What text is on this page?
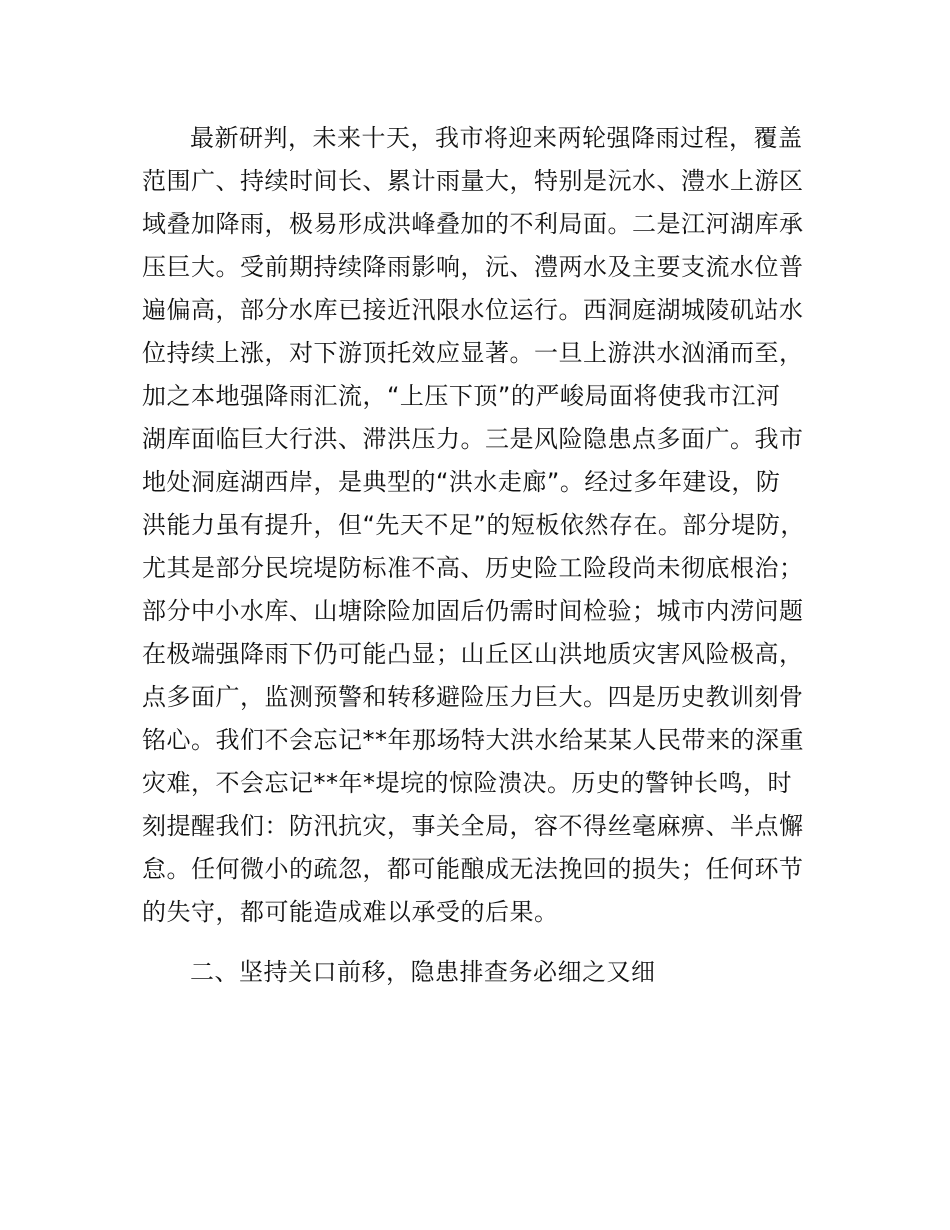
最新研判，未来十天，我市将迎来两轮强降雨过程，覆盖
范围广、持续时间长、累计雨量大，特别是沅水、澧水上游区
域叠加降雨，极易形成洪峰叠加的不利局面。二是江河湖库承
压巨大。受前期持续降雨影响，沅、澧两水及主要支流水位普
遍偏高，部分水库已接近汛限水位运行。西洞庭湖城陵矶站水
位持续上涨，对下游顶托效应显著。一旦上游洪水汹涌而至，
加之本地强降雨汇流，“上压下顶”的严峻局面将使我市江河
湖库面临巨大行洪、滞洪压力。三是风险隐患点多面广。我市
地处洞庭湖西岸，是典型的“洪水走廊”。经过多年建设，防
洪能力虽有提升，但“先天不足”的短板依然存在。部分堤防，
尤其是部分民垸堤防标准不高、历史险工险段尚未彻底根治；
部分中小水库、山塘除险加固后仍需时间检验；城市内涝问题
在极端强降雨下仍可能凸显；山丘区山洪地质灾害风险极高，
点多面广，监测预警和转移避险压力巨大。四是历史教训刻骨
铭心。我们不会忘记**年那场特大洪水给某某人民带来的深重
灾难，不会忘记**年*堤垸的惊险溃决。历史的警钟长鸣，时
刻提醒我们：防汛抗灾，事关全局，容不得丝毫麻痹、半点懈
怠。任何微小的疏忽，都可能酿成无法挽回的损失；任何环节
的失守，都可能造成难以承受的后果。
二、坚持关口前移，隐患排查务必细之又细
